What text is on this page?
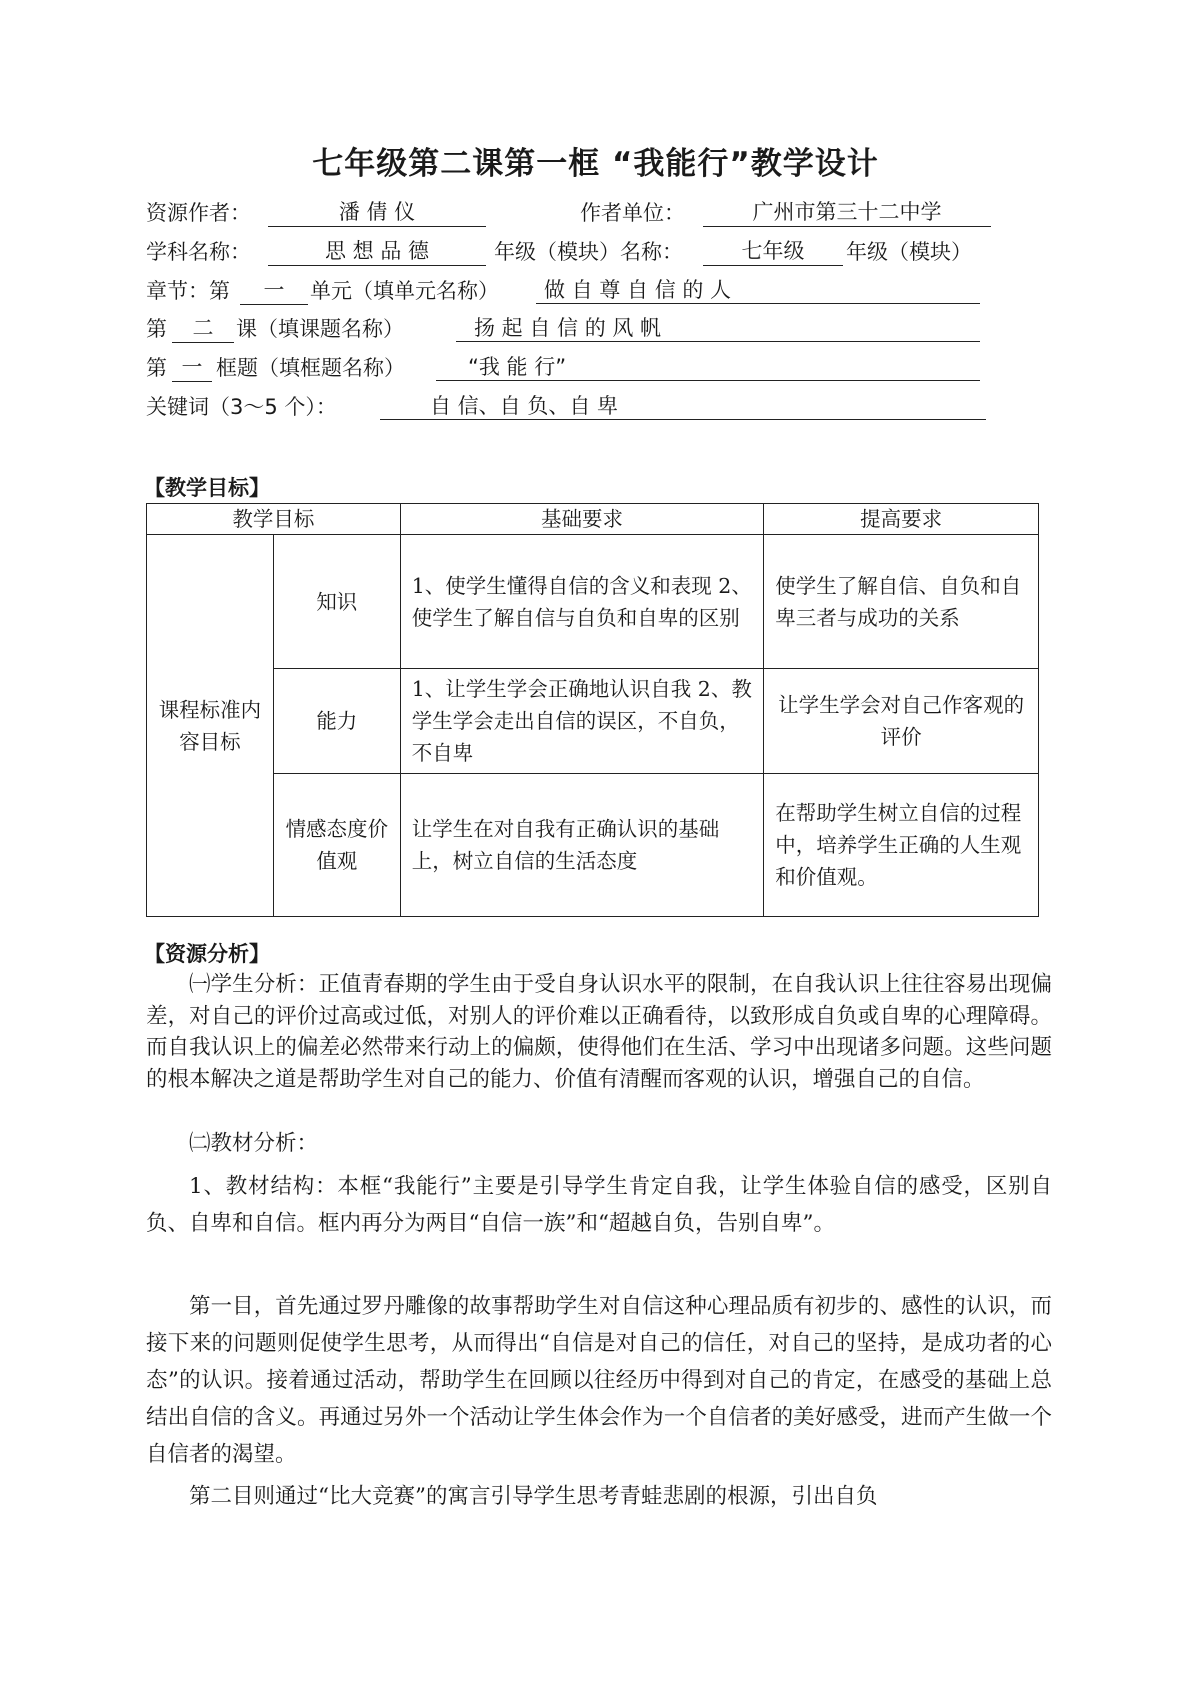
七年级第二课第一框 “我能行”教学设计
资源作者：	潘 倩 仪	作者单位：	广州市第三十二中学
学科名称：	思 想 品 德	年级（模块）名称：	七年级	年级（模块）
章节：第	一	单元（填单元名称）	做 自 尊 自 信 的 人
第	二	课（填课题名称）	扬 起 自 信 的 风 帆
第 一 框题（填框题名称）	“我 能 行”
关键词（3～5 个）：	自 信、自 负、自 卑
【教学目标】
教学目标		基础要求	提高要求
课程标准内容目标	知识	1、使学生懂得自信的含义和表现 2、使学生了解自信与自负和自卑的区别	使学生了解自信、自负和自卑三者与成功的关系
	能力	1、让学生学会正确地认识自我 2、教学生学会走出自信的误区，不自负，不自卑	让学生学会对自己作客观的评价
	情感态度价值观	让学生在对自我有正确认识的基础上，树立自信的生活态度	在帮助学生树立自信的过程中，培养学生正确的人生观和价值观。
【资源分析】
㈠学生分析：正值青春期的学生由于受自身认识水平的限制，在自我认识上往往容易出现偏差，对自己的评价过高或过低，对别人的评价难以正确看待，以致形成自负或自卑的心理障碍。而自我认识上的偏差必然带来行动上的偏颇，使得他们在生活、学习中出现诸多问题。这些问题的根本解决之道是帮助学生对自己的能力、价值有清醒而客观的认识，增强自己的自信。
㈡教材分析：
1、教材结构：本框“我能行”主要是引导学生肯定自我，让学生体验自信的感受，区别自负、自卑和自信。框内再分为两目“自信一族”和“超越自负，告别自卑”。
第一目，首先通过罗丹雕像的故事帮助学生对自信这种心理品质有初步的、感性的认识，而接下来的问题则促使学生思考，从而得出“自信是对自己的信任，对自己的坚持，是成功者的心态”的认识。接着通过活动，帮助学生在回顾以往经历中得到对自己的肯定，在感受的基础上总结出自信的含义。再通过另外一个活动让学生体会作为一个自信者的美好感受，进而产生做一个自信者的渴望。
第二目则通过“比大竞赛”的寓言引导学生思考青蛙悲剧的根源，引出自负
